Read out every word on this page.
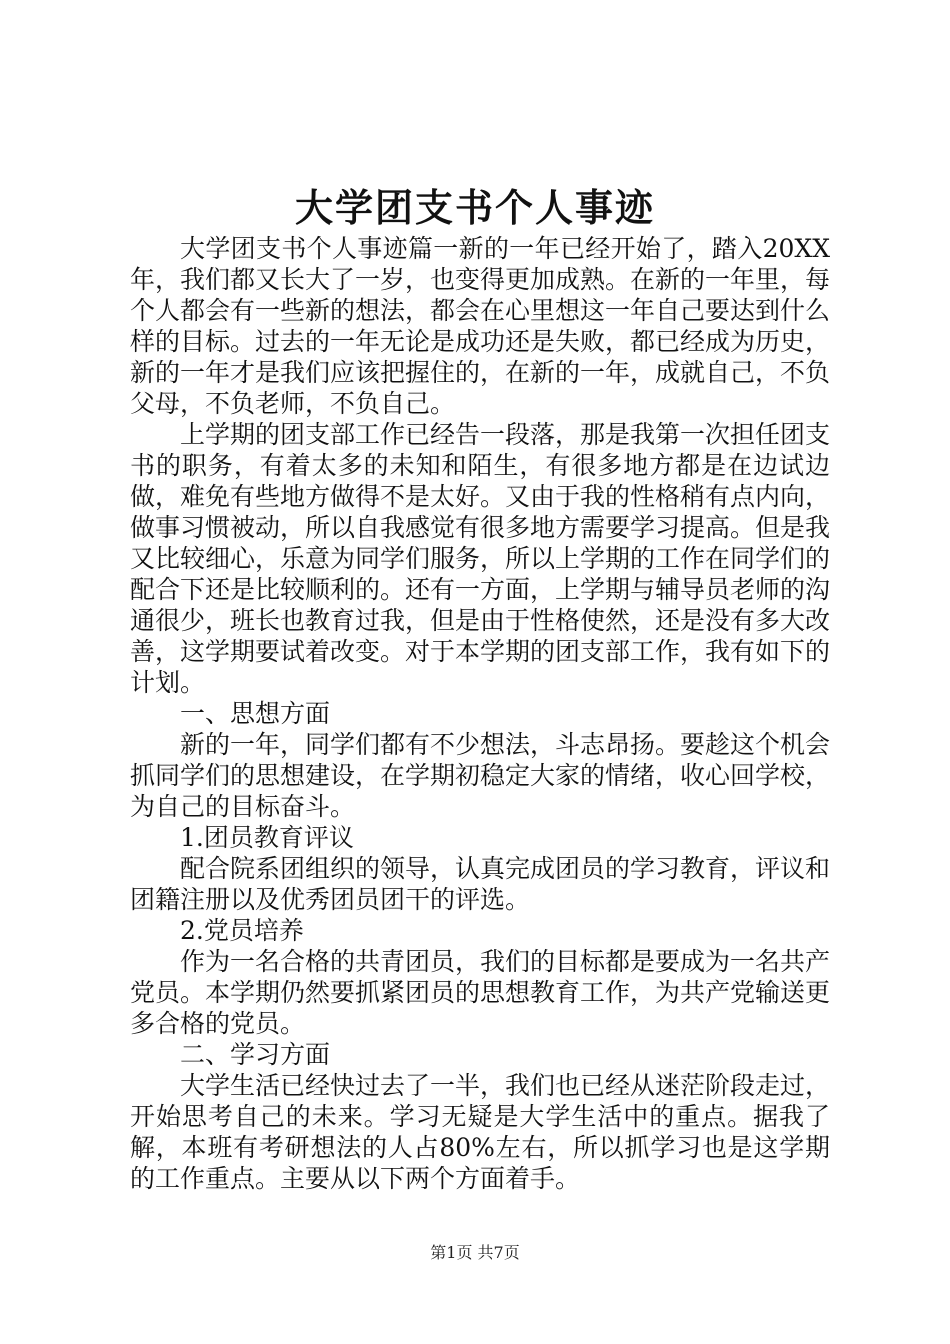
大学团支书个人事迹

大学团支书个人事迹篇一新的一年已经开始了，踏入20XX年，我们都又长大了一岁，也变得更加成熟。在新的一年里，每个人都会有一些新的想法，都会在心里想这一年自己要达到什么样的目标。过去的一年无论是成功还是失败，都已经成为历史，新的一年才是我们应该把握住的，在新的一年，成就自己，不负父母，不负老师，不负自己。

上学期的团支部工作已经告一段落，那是我第一次担任团支书的职务，有着太多的未知和陌生，有很多地方都是在边试边做，难免有些地方做得不是太好。又由于我的性格稍有点内向，做事习惯被动，所以自我感觉有很多地方需要学习提高。但是我又比较细心，乐意为同学们服务，所以上学期的工作在同学们的配合下还是比较顺利的。还有一方面，上学期与辅导员老师的沟通很少，班长也教育过我，但是由于性格使然，还是没有多大改善，这学期要试着改变。对于本学期的团支部工作，我有如下的计划。

一、思想方面

新的一年，同学们都有不少想法，斗志昂扬。要趁这个机会抓同学们的思想建设，在学期初稳定大家的情绪，收心回学校，为自己的目标奋斗。

1.团员教育评议

配合院系团组织的领导，认真完成团员的学习教育，评议和团籍注册以及优秀团员团干的评选。

2.党员培养

作为一名合格的共青团员，我们的目标都是要成为一名共产党员。本学期仍然要抓紧团员的思想教育工作，为共产党输送更多合格的党员。

二、学习方面

大学生活已经快过去了一半，我们也已经从迷茫阶段走过，开始思考自己的未来。学习无疑是大学生活中的重点。据我了解，本班有考研想法的人占80%左右，所以抓学习也是这学期的工作重点。主要从以下两个方面着手。

第1页 共7页
